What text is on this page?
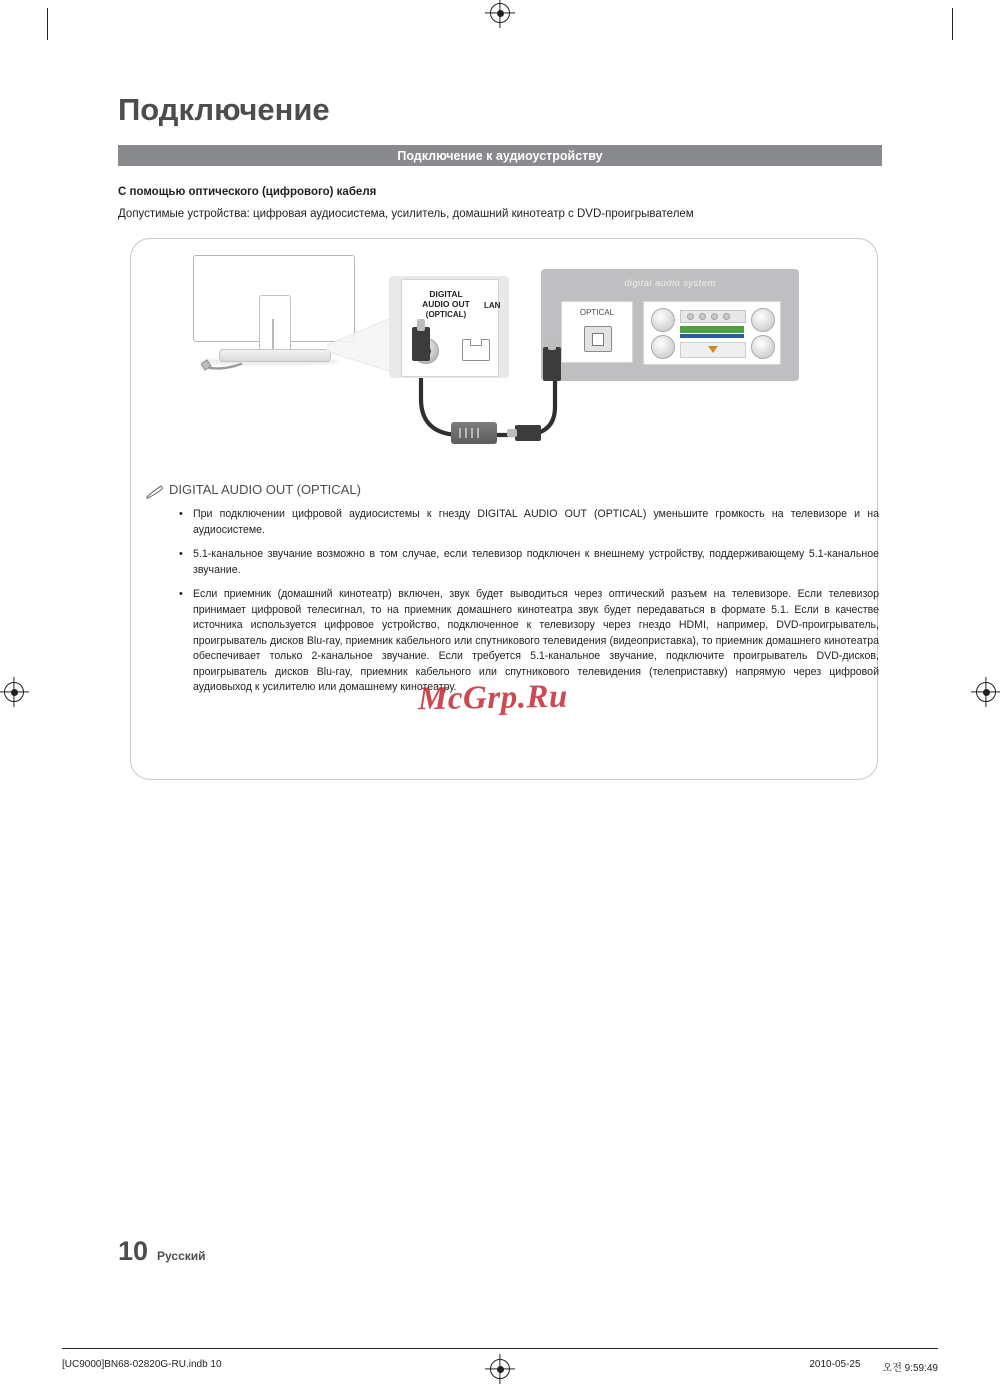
Подключение
Подключение к аудиоустройству
С помощью оптического (цифрового) кабеля
Допустимые устройства: цифровая аудиосистема, усилитель, домашний кинотеатр с DVD-проигрывателем
DIGITAL
AUDIO OUT
(OPTICAL)
LAN
digital audio system
OPTICAL
DIGITAL AUDIO OUT (OPTICAL)
• При подключении цифровой аудиосистемы к гнезду DIGITAL AUDIO OUT (OPTICAL) уменьшите громкость на телевизоре и на аудиосистеме.
• 5.1-канальное звучание возможно в том случае, если телевизор подключен к внешнему устройству, поддерживающему 5.1-канальное звучание.
• Если приемник (домашний кинотеатр) включен, звук будет выводиться через оптический разъем на телевизоре. Если телевизор принимает цифровой телесигнал, то на приемник домашнего кинотеатра звук будет передаваться в формате 5.1. Если в качестве источника используется цифровое устройство, подключенное к телевизору через гнездо HDMI, например, DVD-проигрыватель, проигрыватель дисков Blu-ray, приемник кабельного или спутникового телевидения (видеоприставка), то приемник домашнего кинотеатра обеспечивает только 2-канальное звучание. Если требуется 5.1-канальное звучание, подключите проигрыватель DVD-дисков, проигрыватель дисков Blu-ray, приемник кабельного или спутникового телевидения (телеприставку) напрямую через цифровой аудиовыход к усилителю или домашнему кинотеатру.
McGrp.Ru
10 Русский
[UC9000]BN68-02820G-RU.indb 10	2010-05-25 오전 9:59:49
